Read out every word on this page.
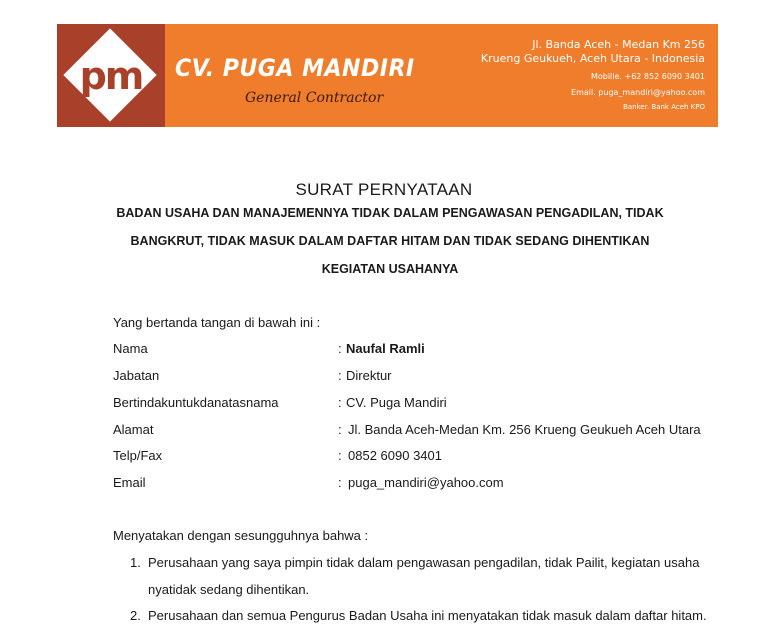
pm	CV. PUGA MANDIRI
General Contractor
Jl. Banda Aceh - Medan Km 256
Krueng Geukueh, Aceh Utara - Indonesia
Mobille. +62 852 6090 3401
Email. puga_mandiri@yahoo.com
Banker. Bank Aceh KPO
SURAT PERNYATAAN
BADAN USAHA DAN MANAJEMENNYA TIDAK DALAM PENGAWASAN PENGADILAN, TIDAK
BANGKRUT, TIDAK MASUK DALAM DAFTAR HITAM DAN TIDAK SEDANG DIHENTIKAN
KEGIATAN USAHANYA
Yang bertanda tangan di bawah ini :
Nama	: Naufal Ramli
Jabatan	: Direktur
Bertindakuntukdanatasnama	: CV. Puga Mandiri
Alamat	: Jl. Banda Aceh-Medan Km. 256 Krueng Geukueh Aceh Utara
Telp/Fax	: 0852 6090 3401
Email	: puga_mandiri@yahoo.com
Menyatakan dengan sesungguhnya bahwa :
1. Perusahaan yang saya pimpin tidak dalam pengawasan pengadilan, tidak Pailit, kegiatan usaha
nyatidak sedang dihentikan.
2. Perusahaan dan semua Pengurus Badan Usaha ini menyatakan tidak masuk dalam daftar hitam.
